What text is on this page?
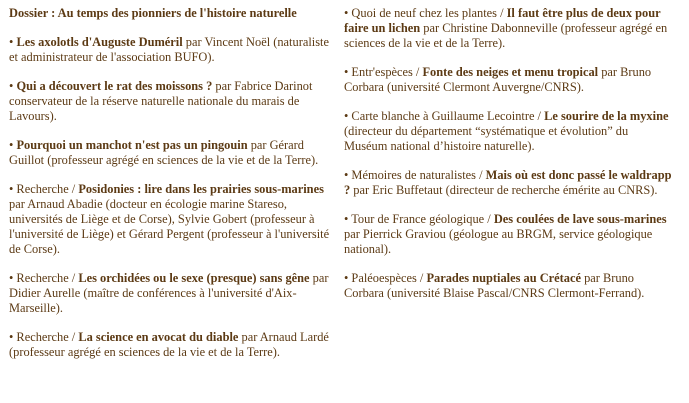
Dossier : Au temps des pionniers de l'histoire naturelle
• Les axolotls d'Auguste Duméril par Vincent Noël (naturaliste et administrateur de l'association BUFO).
• Qui a découvert le rat des moissons ? par Fabrice Darinot conservateur de la réserve naturelle nationale du marais de Lavours).
• Pourquoi un manchot n'est pas un pingouin par Gérard Guillot (professeur agrégé en sciences de la vie et de la Terre).
• Recherche / Posidonies : lire dans les prairies sous-marines par Arnaud Abadie (docteur en écologie marine Stareso, universités de Liège et de Corse), Sylvie Gobert (professeur à l'université de Liège) et Gérard Pergent (professeur à l'université de Corse).
• Recherche / Les orchidées ou le sexe (presque) sans gêne par Didier Aurelle (maître de conférences à l'université d'Aix-Marseille).
• Recherche / La science en avocat du diable par Arnaud Lardé (professeur agrégé en sciences de la vie et de la Terre).
• Quoi de neuf chez les plantes / Il faut être plus de deux pour faire un lichen par Christine Dabonneville (professeur agrégé en sciences de la vie et de la Terre).
• Entr'espèces / Fonte des neiges et menu tropical par Bruno Corbara (université Clermont Auvergne/CNRS).
• Carte blanche à Guillaume Lecointre / Le sourire de la myxine (directeur du département “systématique et évolution” du Muséum national d’histoire naturelle).
• Mémoires de naturalistes / Mais où est donc passé le waldrapp ? par Eric Buffetaut (directeur de recherche émérite au CNRS).
• Tour de France géologique / Des coulées de lave sous-marines par Pierrick Graviou (géologue au BRGM, service géologique national).
• Paléoespèces / Parades nuptiales au Crétacé par Bruno Corbara (université Blaise Pascal/CNRS Clermont-Ferrand).
